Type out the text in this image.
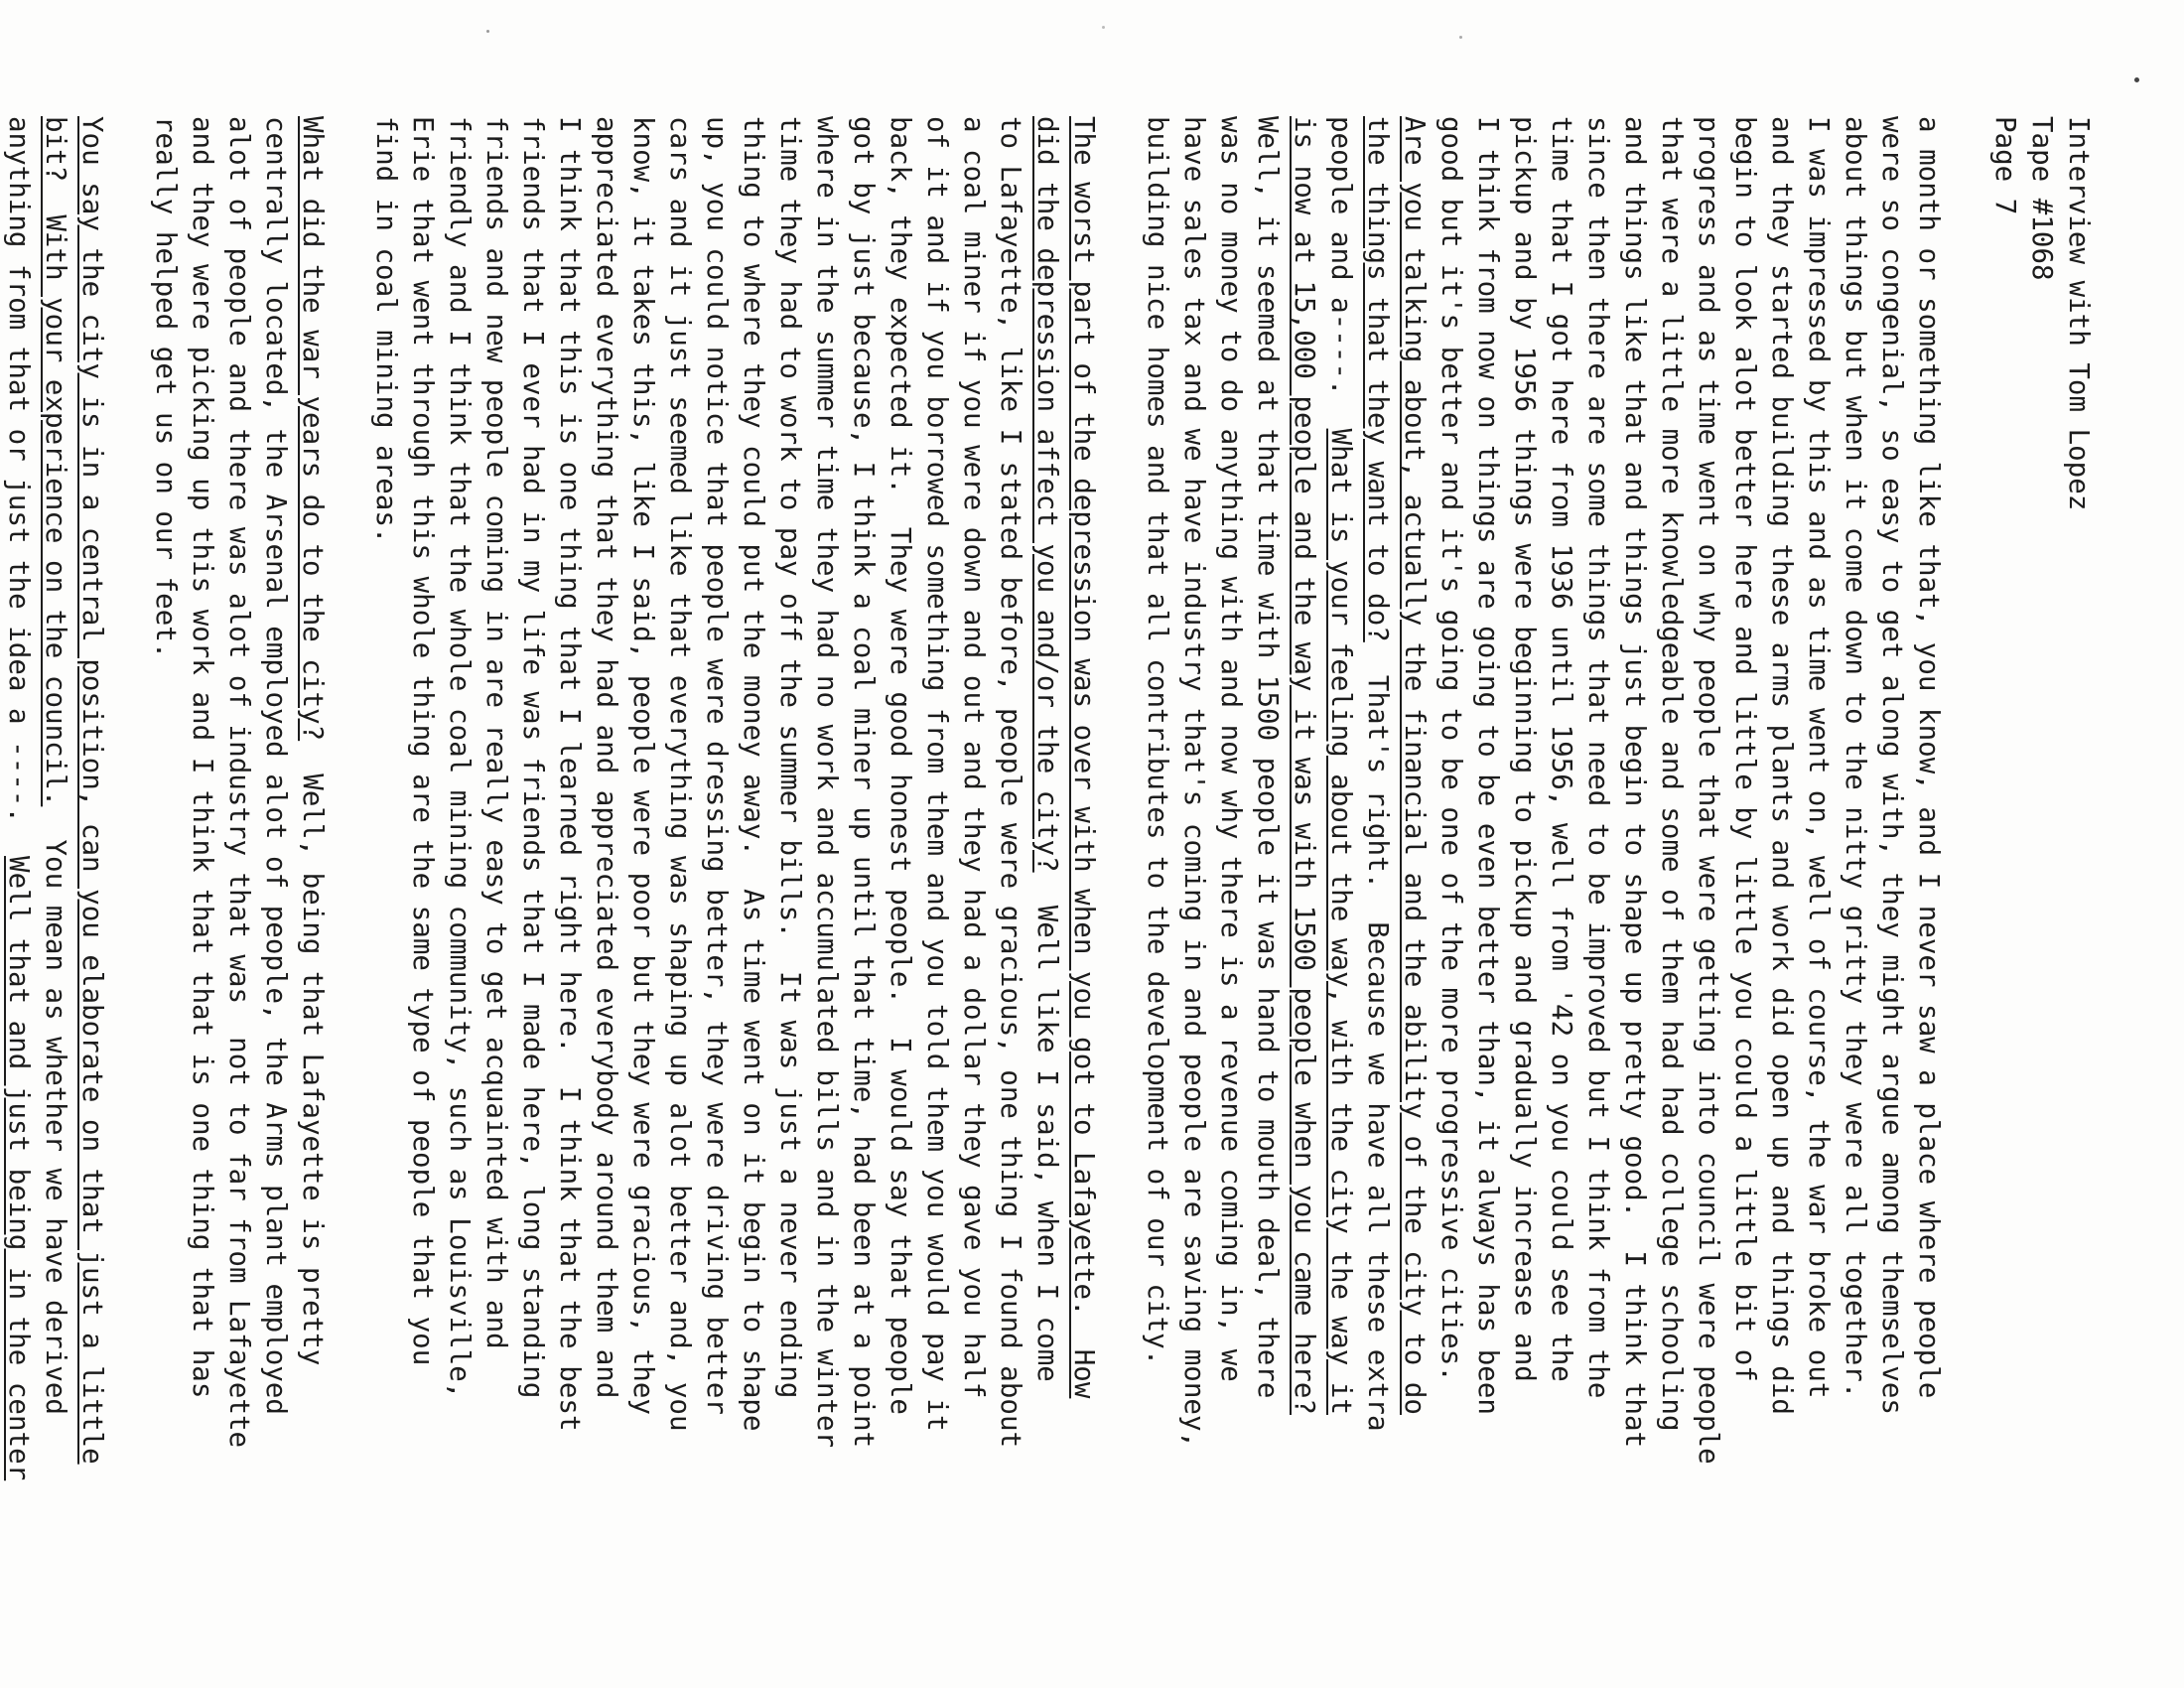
Interview with Tom Lopez
Tape #1068
Page 7
a month or something like that, you know, and I never saw a place where people
were so congenial, so easy to get along with, they might argue among themselves
about things but when it come down to the nitty gritty they were all together.
I was impressed by this and as time went on, well of course, the war broke out
and they started building these arms plants and work did open up and things did
begin to look alot better here and little by little you could a little bit of
progress and as time went on why people that were getting into council were people
that were a little more knowledgeable and some of them had had college schooling
and things like that and things just begin to shape up pretty good.  I think that
since then there are some things that need to be improved but I think from the
time that I got here from 1936 until 1956, well from '42 on you could see the
pickup and by 1956 things were beginning to pickup and gradually increase and
I think from now on things are going to be even better than, it always has been
good but it's better and it's going to be one of the more progressive cities.
Are you talking about, actually the financial and the ability of the city to do
the things that they want to do?  That's right.  Because we have all these extra
people and a----.  What is your feeling about the way, with the city the way it
is now at 15,000 people and the way it was with 1500 people when you came here?
Well, it seemed at that time with 1500 people it was hand to mouth deal, there
was no money to do anything with and now why there is a revenue coming in, we
have sales tax and we have industry that's coming in and people are saving money,
building nice homes and that all contributes to the development of our city.
The worst part of the depression was over with when you got to Lafayette.  How
did the depression affect you and/or the city?  Well like I said, when I come
to Lafayette, like I stated before, people were gracious, one thing I found about
a coal miner if you were down and out and they had a dollar they gave you half
of it and if you borrowed something from them and you told them you would pay it
back, they expected it.  They were good honest people.  I would say that people
got by just because, I think a coal miner up until that time, had been at a point
where in the summer time they had no work and accumulated bills and in the winter
time they had to work to pay off the summer bills.  It was just a never ending
thing to where they could put the money away.  As time went on it begin to shape
up, you could notice that people were dressing better, they were driving better
cars and it just seemed like that everything was shaping up alot better and, you
know, it takes this, like I said, people were poor but they were gracious, they
appreciated everything that they had and appreciated everybody around them and
I think that this is one thing that I learned right here.  I think that the best
friends that I ever had in my life was friends that I made here, long standing
friends and new people coming in are really easy to get acquainted with and
friendly and I think that the whole coal mining community, such as Louisville,
Erie that went through this whole thing are the same type of people that you
find in coal mining areas.
What did the war years do to the city?  Well, being that Lafayette is pretty
centrally located, the Arsenal employed alot of people, the Arms plant employed
alot of people and there was alot of industry that was  not to far from Lafayette
and they were picking up this work and I think that that is one thing that has
really helped get us on our feet.
You say the city is in a central position, can you elaborate on that just a little
bit?  With your experience on the council.  You mean as whether we have derived
anything from that or just the idea a ----.  Well that and just being in the center
